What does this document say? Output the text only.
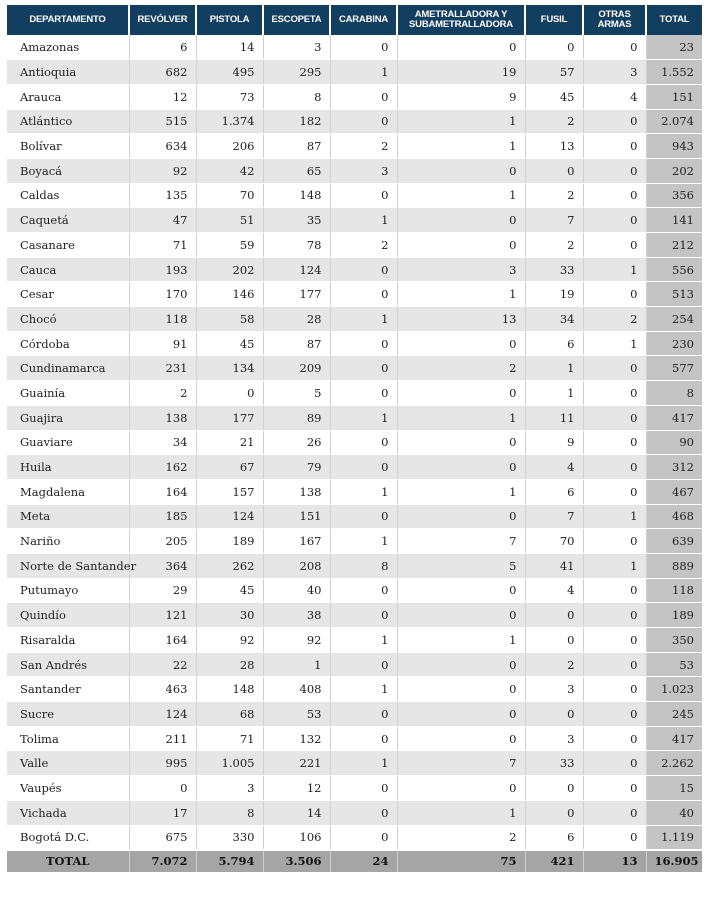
DEPARTAMENTO	REVÓLVER	PISTOLA	ESCOPETA	CARABINA	AMETRALLADORA Y SUBAMETRALLADORA	FUSIL	OTRAS ARMAS	TOTAL
Amazonas	6	14	3	0	0	0	0	23
Antioquia	682	495	295	1	19	57	3	1.552
Arauca	12	73	8	0	9	45	4	151
Atlántico	515	1.374	182	0	1	2	0	2.074
Bolívar	634	206	87	2	1	13	0	943
Boyacá	92	42	65	3	0	0	0	202
Caldas	135	70	148	0	1	2	0	356
Caquetá	47	51	35	1	0	7	0	141
Casanare	71	59	78	2	0	2	0	212
Cauca	193	202	124	0	3	33	1	556
Cesar	170	146	177	0	1	19	0	513
Chocó	118	58	28	1	13	34	2	254
Córdoba	91	45	87	0	0	6	1	230
Cundinamarca	231	134	209	0	2	1	0	577
Guainía	2	0	5	0	0	1	0	8
Guajira	138	177	89	1	1	11	0	417
Guaviare	34	21	26	0	0	9	0	90
Huila	162	67	79	0	0	4	0	312
Magdalena	164	157	138	1	1	6	0	467
Meta	185	124	151	0	0	7	1	468
Nariño	205	189	167	1	7	70	0	639
Norte de Santander	364	262	208	8	5	41	1	889
Putumayo	29	45	40	0	0	4	0	118
Quindío	121	30	38	0	0	0	0	189
Risaralda	164	92	92	1	1	0	0	350
San Andrés	22	28	1	0	0	2	0	53
Santander	463	148	408	1	0	3	0	1.023
Sucre	124	68	53	0	0	0	0	245
Tolima	211	71	132	0	0	3	0	417
Valle	995	1.005	221	1	7	33	0	2.262
Vaupés	0	3	12	0	0	0	0	15
Vichada	17	8	14	0	1	0	0	40
Bogotá D.C.	675	330	106	0	2	6	0	1.119
TOTAL	7.072	5.794	3.506	24	75	421	13	16.905
